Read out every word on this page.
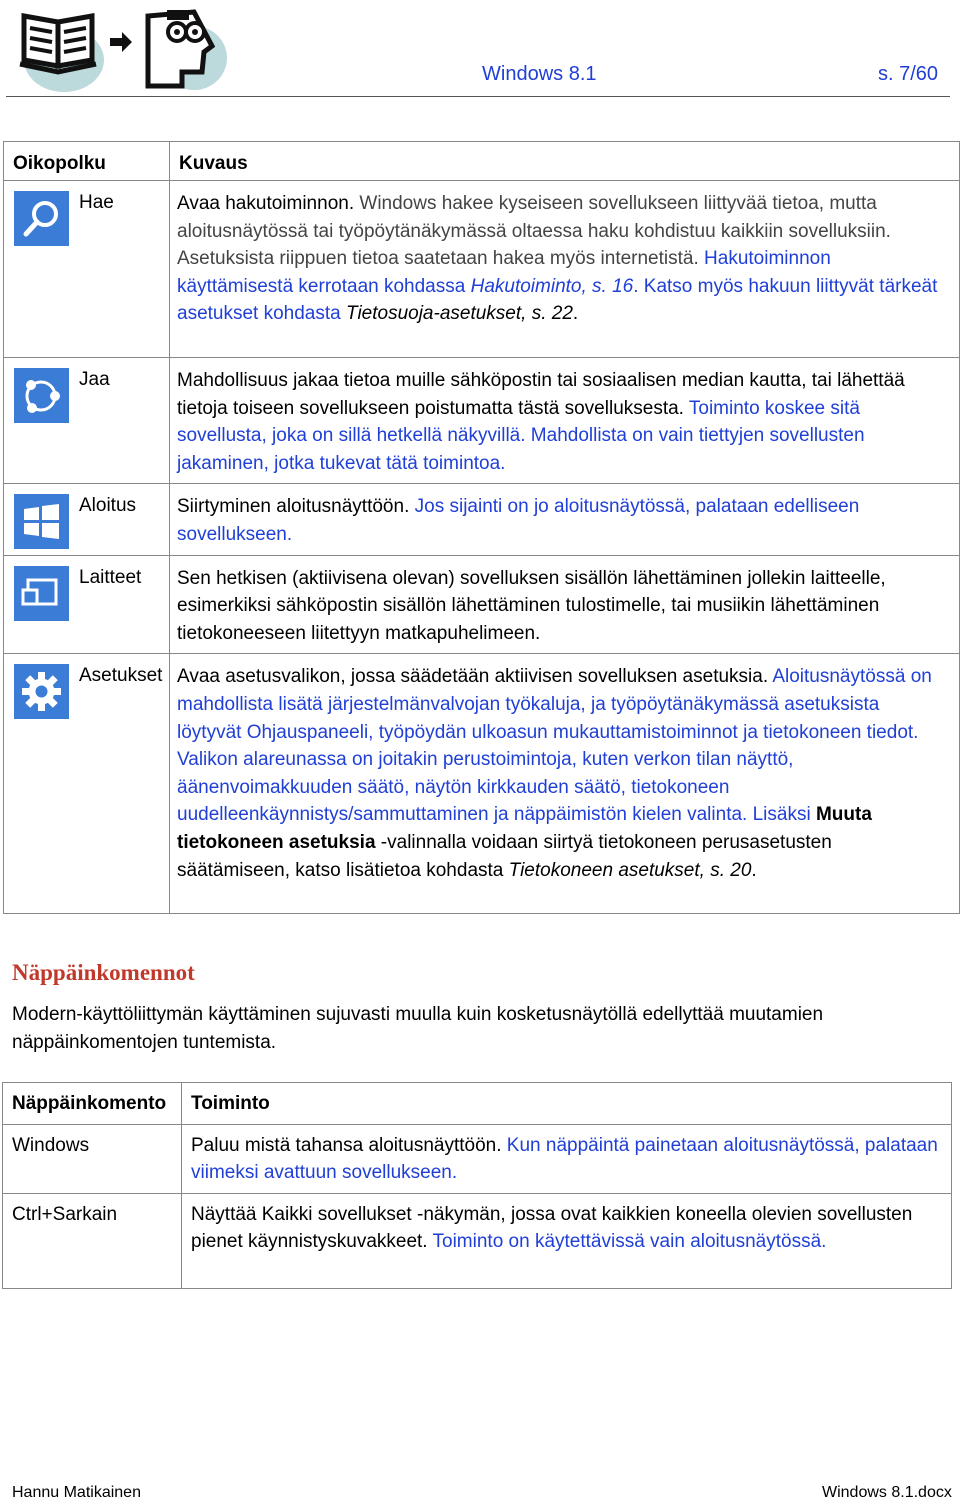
Windows 8.1	s. 7/60
Oikopolku	Kuvaus

Hae	Avaa hakutoiminnon. Windows hakee kyseiseen sovellukseen liittyvää tietoa, mutta aloitusnäytössä tai työpöytänäkymässä oltaessa haku kohdistuu kaikkiin sovelluksiin. Asetuksista riippuen tietoa saatetaan hakea myös internetistä. Hakutoiminnon käyttämisestä kerrotaan kohdassa Hakutoiminto, s. 16. Katso myös hakuun liittyvät tärkeät asetukset kohdasta Tietosuoja-asetukset, s. 22.

Jaa	Mahdollisuus jakaa tietoa muille sähköpostin tai sosiaalisen median kautta, tai lähettää tietoja toiseen sovellukseen poistumatta tästä sovelluksesta. Toiminto koskee sitä sovellusta, joka on sillä hetkellä näkyvillä. Mahdollista on vain tiettyjen sovellusten jakaminen, jotka tukevat tätä toimintoa.

Aloitus	Siirtyminen aloitusnäyttöön. Jos sijainti on jo aloitusnäytössä, palataan edelliseen sovellukseen.

Laitteet	Sen hetkisen (aktiivisena olevan) sovelluksen sisällön lähettäminen jollekin laitteelle, esimerkiksi sähköpostin sisällön lähettäminen tulostimelle, tai musiikin lähettäminen tietokoneeseen liitettyyn matkapuhelimeen.

Asetukset	Avaa asetusvalikon, jossa säädetään aktiivisen sovelluksen asetuksia. Aloitusnäytössä on mahdollista lisätä järjestelmänvalvojan työkaluja, ja työpöytänäkymässä asetuksista löytyvät Ohjauspaneeli, työpöydän ulkoasun mukauttamistoiminnot ja tietokoneen tiedot.
Valikon alareunassa on joitakin perustoimintoja, kuten verkon tilan näyttö, äänenvoimakkuuden säätö, näytön kirkkauden säätö, tietokoneen uudelleenkäynnistys/sammuttaminen ja näppäimistön kielen valinta. Lisäksi Muuta tietokoneen asetuksia -valinnalla voidaan siirtyä tietokoneen perusasetusten säätämiseen, katso lisätietoa kohdasta Tietokoneen asetukset, s. 20.
Näppäinkomennot
Modern-käyttöliittymän käyttäminen sujuvasti muulla kuin kosketusnäytöllä edellyttää muutamien näppäinkomentojen tuntemista.
Näppäinkomento	Toiminto
Windows	Paluu mistä tahansa aloitusnäyttöön. Kun näppäintä painetaan aloitusnäytössä, palataan viimeksi avattuun sovellukseen.
Ctrl+Sarkain	Näyttää Kaikki sovellukset -näkymän, jossa ovat kaikkien koneella olevien sovellusten pienet käynnistyskuvakkeet. Toiminto on käytettävissä vain aloitusnäytössä.
Hannu Matikainen	Windows 8.1.docx
